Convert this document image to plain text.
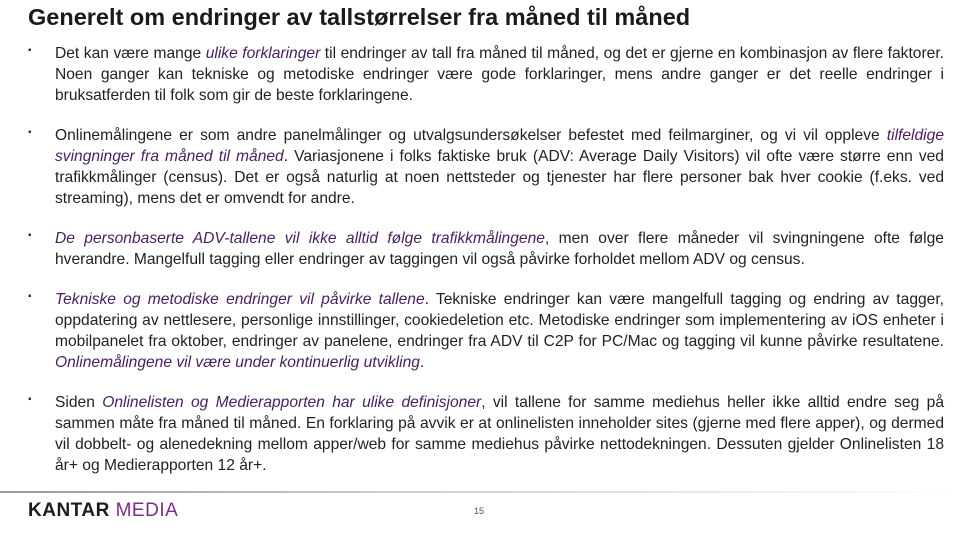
Generelt om endringer av tallstørrelser fra måned til måned
▪ Det kan være mange ulike forklaringer til endringer av tall fra måned til måned, og det er gjerne en kombinasjon av flere faktorer. Noen ganger kan tekniske og metodiske endringer være gode forklaringer, mens andre ganger er det reelle endringer i bruksatferden til folk som gir de beste forklaringene.
▪ Onlinemålingene er som andre panelmålinger og utvalgsundersøkelser befestet med feilmarginer, og vi vil oppleve tilfeldige svingninger fra måned til måned. Variasjonene i folks faktiske bruk (ADV: Average Daily Visitors) vil ofte være større enn ved trafikkmålinger (census). Det er også naturlig at noen nettsteder og tjenester har flere personer bak hver cookie (f.eks. ved streaming), mens det er omvendt for andre.
▪ De personbaserte ADV-tallene vil ikke alltid følge trafikkmålingene, men over flere måneder vil svingningene ofte følge hverandre. Mangelfull tagging eller endringer av taggingen vil også påvirke forholdet mellom ADV og census.
▪ Tekniske og metodiske endringer vil påvirke tallene. Tekniske endringer kan være mangelfull tagging og endring av tagger, oppdatering av nettlesere, personlige innstillinger, cookiedeletion etc. Metodiske endringer som implementering av iOS enheter i mobilpanelet fra oktober, endringer av panelene, endringer fra ADV til C2P for PC/Mac og tagging vil kunne påvirke resultatene. Onlinemålingene vil være under kontinuerlig utvikling.
▪ Siden Onlinelisten og Medierapporten har ulike definisjoner, vil tallene for samme mediehus heller ikke alltid endre seg på sammen måte fra måned til måned. En forklaring på avvik er at onlinelisten inneholder sites (gjerne med flere apper), og dermed vil dobbelt- og alenedekning mellom apper/web for samme mediehus påvirke nettodekningen. Dessuten gjelder Onlinelisten 18 år+ og Medierapporten 12 år+.
KANTAR MEDIA	15
